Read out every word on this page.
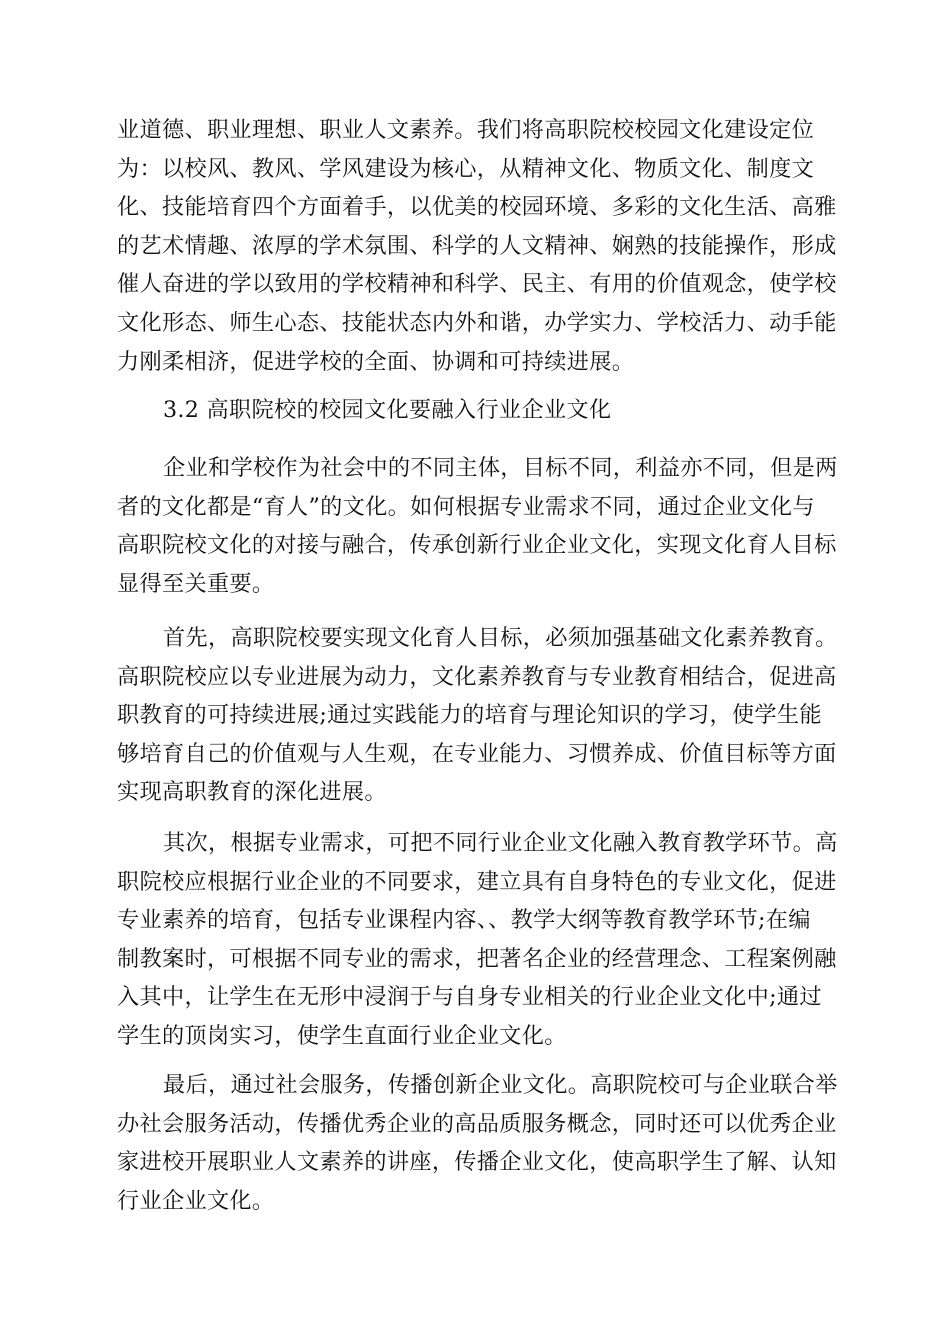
业道德、职业理想、职业人文素养。我们将高职院校校园文化建设定位
为：以校风、教风、学风建设为核心，从精神文化、物质文化、制度文
化、技能培育四个方面着手，以优美的校园环境、多彩的文化生活、高雅
的艺术情趣、浓厚的学术氛围、科学的人文精神、娴熟的技能操作，形成
催人奋进的学以致用的学校精神和科学、民主、有用的价值观念，使学校
文化形态、师生心态、技能状态内外和谐，办学实力、学校活力、动手能
力刚柔相济，促进学校的全面、协调和可持续进展。

3.2 高职院校的校园文化要融入行业企业文化

企业和学校作为社会中的不同主体，目标不同，利益亦不同，但是两
者的文化都是“育人”的文化。如何根据专业需求不同，通过企业文化与
高职院校文化的对接与融合，传承创新行业企业文化，实现文化育人目标
显得至关重要。

首先，高职院校要实现文化育人目标，必须加强基础文化素养教育。
高职院校应以专业进展为动力，文化素养教育与专业教育相结合，促进高
职教育的可持续进展;通过实践能力的培育与理论知识的学习，使学生能
够培育自己的价值观与人生观，在专业能力、习惯养成、价值目标等方面
实现高职教育的深化进展。

其次，根据专业需求，可把不同行业企业文化融入教育教学环节。高
职院校应根据行业企业的不同要求，建立具有自身特色的专业文化，促进
专业素养的培育，包括专业课程内容、、教学大纲等教育教学环节;在编
制教案时，可根据不同专业的需求，把著名企业的经营理念、工程案例融
入其中，让学生在无形中浸润于与自身专业相关的行业企业文化中;通过
学生的顶岗实习，使学生直面行业企业文化。

最后，通过社会服务，传播创新企业文化。高职院校可与企业联合举
办社会服务活动，传播优秀企业的高品质服务概念，同时还可以优秀企业
家进校开展职业人文素养的讲座，传播企业文化，使高职学生了解、认知
行业企业文化。
